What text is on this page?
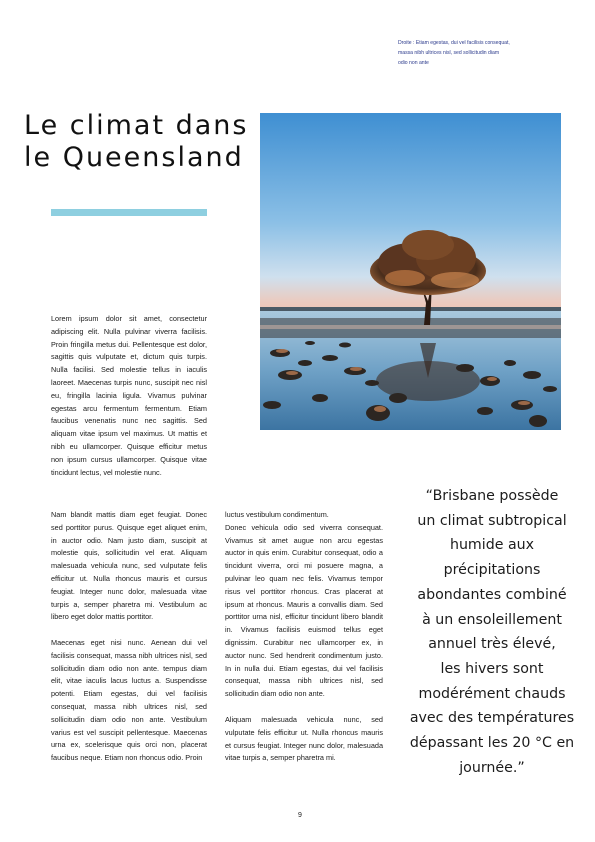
Droite : Etiam egestas, dui vel facilisis consequat, massa nibh ultrices nisl, sed sollicitudin diam odio non ante
Le climat dans
le Queensland

Lorem ipsum dolor sit amet, consectetur adipiscing elit. Nulla pulvinar viverra facilisis. Proin fringilla metus dui. Pellentesque est dolor, sagittis quis vulputate et, dictum quis turpis. Nulla facilisi. Sed molestie tellus in iaculis laoreet. Maecenas turpis nunc, suscipit nec nisl eu, fringilla lacinia ligula. Vivamus pulvinar egestas arcu fermentum fermentum. Etiam faucibus venenatis nunc nec sagittis. Sed aliquam vitae ipsum vel maximus. Ut mattis et nibh eu ullamcorper. Quisque efficitur metus non ipsum cursus ullamcorper. Quisque vitae tincidunt lectus, vel molestie nunc.

Nam blandit mattis diam eget feugiat. Donec sed porttitor purus. Quisque eget aliquet enim, in auctor odio. Nam justo diam, suscipit at molestie quis, sollicitudin vel erat. Aliquam malesuada vehicula nunc, sed vulputate felis efficitur ut. Nulla rhoncus mauris et cursus feugiat. Integer nunc dolor, malesuada vitae turpis a, semper pharetra mi. Vestibulum ac libero eget dolor mattis porttitor.

Maecenas eget nisi nunc. Aenean dui vel facilisis consequat, massa nibh ultrices nisl, sed sollicitudin diam odio non ante. tempus diam elit, vitae iaculis lacus luctus a. Suspendisse potenti. Etiam egestas, dui vel facilisis consequat, massa nibh ultrices nisl, sed sollicitudin diam odio non ante. Vestibulum varius est vel suscipit pellentesque. Maecenas urna ex, scelerisque quis orci non, placerat faucibus neque. Etiam non rhoncus odio. Proin

luctus vestibulum condimentum.

Donec vehicula odio sed viverra consequat. Vivamus sit amet augue non arcu egestas auctor in quis enim. Curabitur consequat, odio a tincidunt viverra, orci mi posuere magna, a pulvinar leo quam nec felis. Vivamus tempor risus vel porttitor rhoncus. Cras placerat at ipsum at rhoncus. Mauris a convallis diam. Sed porttitor urna nisl, efficitur tincidunt libero blandit in. Vivamus facilisis euismod tellus eget dignissim. Curabitur nec ullamcorper ex, in auctor nunc. Sed hendrerit condimentum justo. In in nulla dui. Etiam egestas, dui vel facilisis consequat, massa nibh ultrices nisl, sed sollicitudin diam odio non ante.

Aliquam malesuada vehicula nunc, sed vulputate felis efficitur ut. Nulla rhoncus mauris et cursus feugiat. Integer nunc dolor, malesuada vitae turpis a, semper pharetra mi.

“Brisbane possède
un climat subtropical
humide aux
précipitations
abondantes combiné
à un ensoleillement
annuel très élevé,
les hivers sont
modérément chauds
avec des températures
dépassant les 20 °C en
journée.”
9
